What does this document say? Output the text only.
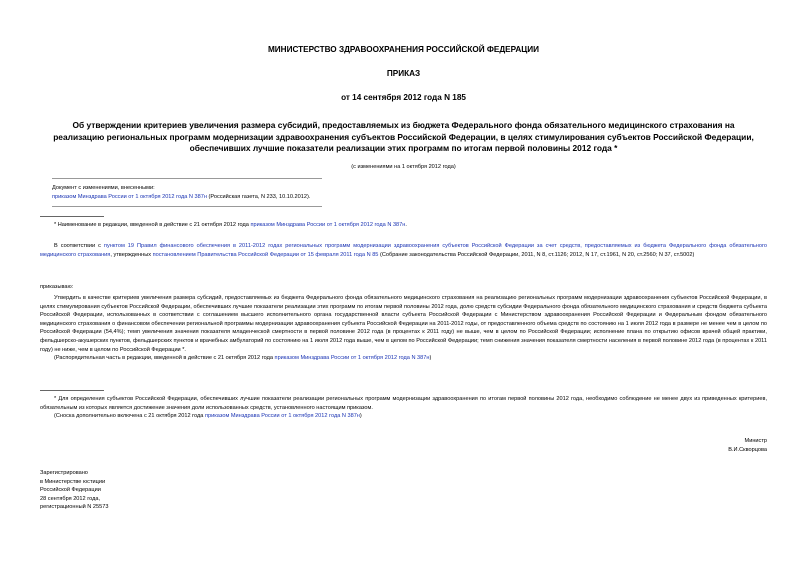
МИНИСТЕРСТВО ЗДРАВООХРАНЕНИЯ РОССИЙСКОЙ ФЕДЕРАЦИИ
ПРИКАЗ
от 14 сентября 2012 года N 185
Об утверждении критериев увеличения размера субсидий, предоставляемых из бюджета Федерального фонда обязательного медицинского страхования на реализацию региональных программ модернизации здравоохранения субъектов Российской Федерации, в целях стимулирования субъектов Российской Федерации, обеспечивших лучшие показатели реализации этих программ по итогам первой половины 2012 года *
(с изменениями на 1 октября 2012 года)
Документ с изменениями, внесенными:
приказом Минздрава России от 1 октября 2012 года N 387н (Российская газета, N 233, 10.10.2012).
* Наименование в редакции, введенной в действие с 21 октября 2012 года приказом Минздрава России от 1 октября 2012 года N 387н.
В соответствии с пунктом 19 Правил финансового обеспечения в 2011-2012 годах региональных программ модернизации здравоохранения субъектов Российской Федерации за счет средств, предоставляемых из бюджета Федерального фонда обязательного медицинского страхования, утвержденных постановлением Правительства Российской Федерации от 15 февраля 2011 года N 85 (Собрание законодательства Российской Федерации, 2011, N 8, ст.1126; 2012, N 17, ст.1961, N 20, ст.2560; N 37, ст.5002)
приказываю:

Утвердить в качестве критериев увеличения размера субсидий, предоставляемых из бюджета Федерального фонда обязательного медицинского страхования на реализацию региональных программ модернизации здравоохранения субъектов Российской Федерации, в целях стимулирования субъектов Российской Федерации, обеспечивших лучшие показатели реализации этих программ по итогам первой половины 2012 года, долю средств субсидии Федерального фонда обязательного медицинского страхования и средств бюджета субъекта Российской Федерации, использованных в соответствии с соглашением высшего исполнительного органа государственной власти субъекта Российской Федерации с Министерством здравоохранения Российской Федерации и Федеральным фондом обязательного медицинского страхования о финансовом обеспечении региональной программы модернизации здравоохранения субъекта Российской Федерации на 2011-2012 годы, от предоставленного объема средств по состоянию на 1 июля 2012 года в размере не менее чем в целом по Российской Федерации (54,4%); темп увеличения значения показателя младенческой смертности в первой половине 2012 года (в процентах к 2011 году) не выше, чем в целом по Российской Федерации; исполнение плана по открытию офисов врачей общей практики, фельдшерско-акушерских пунктов, фельдшерских пунктов и врачебных амбулаторий по состоянию на 1 июля 2012 года выше, чем в целом по Российской Федерации; темп снижения значения показателя смертности населения в первой половине 2012 года (в процентах к 2011 году) не ниже, чем в целом по Российской Федерации *.

(Распорядительная часть в редакции, введенной в действие с 21 октября 2012 года приказом Минздрава России от 1 октября 2012 года N 387н)

* Для определения субъектов Российской Федерации, обеспечивших лучшие показатели реализации региональных программ модернизации здравоохранения по итогам первой половины 2012 года, необходимо соблюдение не менее двух из приведенных критериев, обязательным из которых является достижение значения доли использованных средств, установленного настоящим приказом.

(Сноска дополнительно включена с 21 октября 2012 года приказом Минздрава России от 1 октября 2012 года N 387н)

Министр
В.И.Скворцова
Зарегистрировано
в Министерстве юстиции
Российской Федерации
28 сентября 2012 года,
регистрационный N 25573
